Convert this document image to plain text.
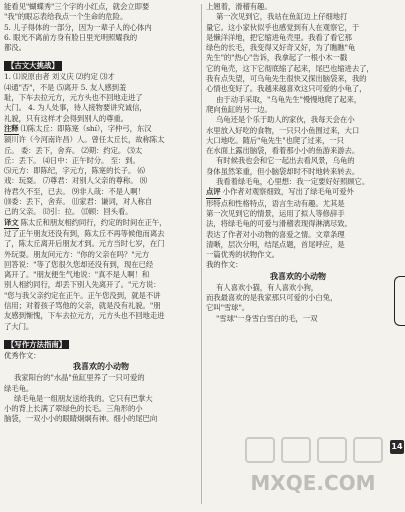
能看见"蝴蝶秀"三个字的小红点，就会立即要
"我"的眼忘表给我点一个生命的危险。
5. 儿子得体的一部分，因为一辈子人的心体内
6. 眼光不离前方身有脸日里光明照耀我的
都没。
【古文大挑战】
1. ⑴说原由者 刘义庆 ⑵约定 ⑶才
⑷通"否"，不是 ⑸离开 5. 友人感到羞
耻，下车去拉元方，元方头也不回地走进了
大门。 4. 为人处事，待人接物要讲究诚信，
礼貌，只有这样才会得到别人的尊重。
注释 ⑴陈太丘：即陈寔（shí），字仲弓，东汉
颍川许（今河南许昌）人。曾任太丘长，故称陈太
丘。 委：丢下，舍弃。 ⑵期：约定。 ⑶太
丘：丢下。 ⑷日中：正午时分。 至：到。
⑸元方：即陈纪，字元方，陈寔的长子。 ⑹
戏：玩耍。 ⑺尊君：对别人父亲的尊称。 ⑻
待君久不至，已去。 ⑼非人哉：不是人啊！
⑽委：丢下，舍弃。 ⑾家君：谦词，对人称自
己的父亲。 ⑿引：拉。 ⒀顾：回头看。
译文 陈太丘和朋友相约同行，约定的时间在正午，
过了正午朋友还没有到，陈太丘不再等候他而离去
了，陈太丘离开后朋友才到。元方当时七岁，在门
外玩耍。朋友问元方："你的父亲在吗？"元方
回答说："等了您很久您却还没有到，现在已经
离开了。"朋友便生气地说："真不是人啊！和
别人相约同行，却丢下别人先离开了。"元方说：
"您与我父亲约定在正午。正午您没到，就是不讲
信用；对着孩子骂他的父亲，就是没有礼貌。"朋
友感到惭愧，下车去拉元方，元方头也不回地走进
了大门。
【写作方法指南】
优秀作文：
我喜欢的小动物
我家阳台的"水晶"鱼缸里养了一只可爱的
绿毛龟。
绿毛龟是一组朋友送给我的。它只有巴掌大
小的背上长满了翠绿色的长毛。三角形的小
脑袋，一双小小的眼睛炯炯有神。细小的尾巴向
上翘着，滑稽有趣。
第一次见到它，我站在鱼缸边上仔细地打
量它。这小家伙似乎也感觉到有人在观察它，于
是懒洋洋地，把它缩进龟壳里。我看了看它那
绿色的长毛，我变得又好奇又好，为了瞧瞧"龟
先生"的"热心"告诉，我拿起了一根小木一戳
它的龟壳，这下它彻底缩了起来，尾巴也缩进去了，
我有点失望，可乌龟先生很快又探出脑袋来，我的
心情也变好了。我越来越喜欢这只可爱的小龟了，
由于动手采取，"乌龟先生"慢慢地爬了起来，
爬向鱼缸的另一边。
乌龟还是个乐于助人的家伙，我每天会在小
水里放入好吃的食物，一只只小鱼围过来，大口
大口地吃。随后"龟先生"也爬了过来，一只
在水面上露出脑袋，看着那小小的鱼游来游去。
有时候我也会和它一起出去看风景，乌龟的
身体虽然笨重，但小脑袋却时不时地转来转去。
我看着绿毛龟，心里想：我一定要好好照顾它。
点评 小作者对观察细致，写出了绿毛龟可爱外
形特点和性格特点，语言生动有趣。尤其是
第一次见到它的情景，运用了拟人等修辞手
法，将绿毛龟的可爱与滑稽表现得淋漓尽致。
表达了作者对小动物的喜爱之情。文章条理
清晰，层次分明，结尾点题，首尾呼应，是
一篇优秀的状物作文。
我的作文：
我喜欢的小动物
有人喜欢小猫，有人喜欢小狗，
而我最喜欢的是我家那只可爱的小白兔，
它叫"雪球"。
"雪球"一身雪白雪白的毛，一双
14
MXQE.COM
